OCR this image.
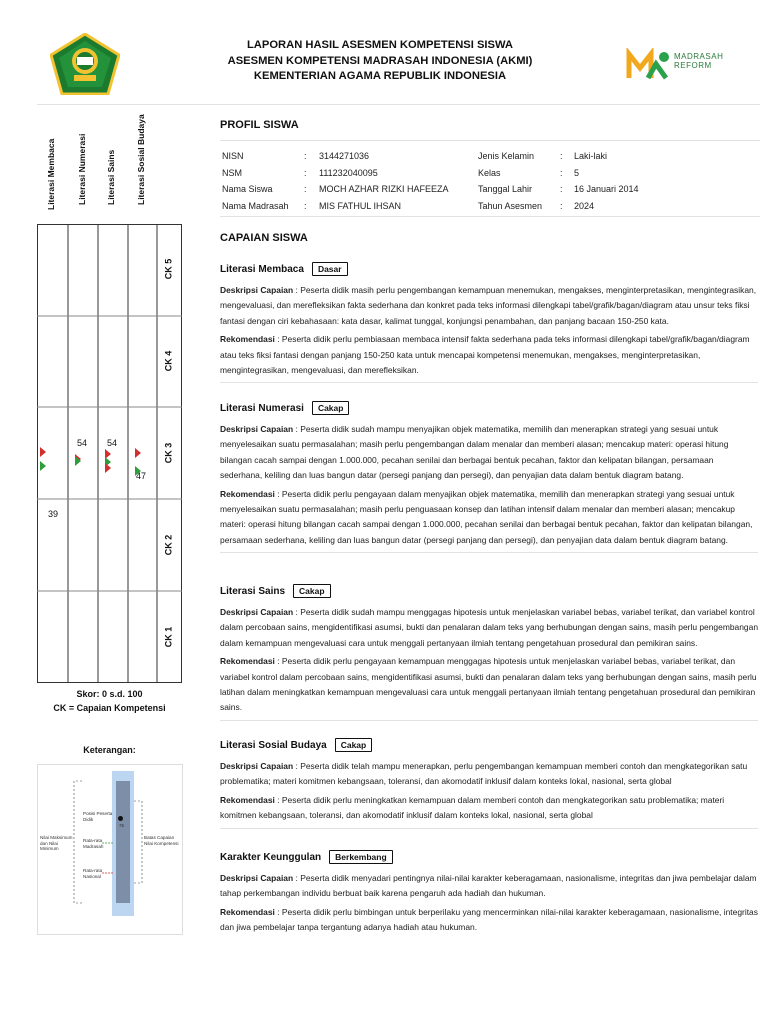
LAPORAN HASIL ASESMEN KOMPETENSI SISWA
ASESMEN KOMPETENSI MADRASAH INDONESIA (AKMI)
KEMENTERIAN AGAMA REPUBLIK INDONESIA
MADRASAH
REFORM
PROFIL SISWA
NISN	: 3144271036
NSM	: 111232040095
Nama Siswa	: MOCH AZHAR RIZKI HAFEEZA
Nama Madrasah : MIS FATHUL IHSAN
Jenis Kelamin	: Laki-laki
Kelas	: 5
Tanggal Lahir	: 16 Januari 2014
Tahun Asesmen : 2024
CAPAIAN SISWA
Literasi Membaca	Dasar

Deskripsi Capaian : Peserta didik masih perlu pengembangan kemampuan menemukan, mengakses, menginterpretasikan, mengintegrasikan, mengevaluasi, dan merefleksikan fakta sederhana dan konkret pada teks informasi dilengkapi tabel/grafik/bagan/diagram atau unsur teks fiksi fantasi dengan ciri kebahasaan: kata dasar, kalimat tunggal, konjungsi penambahan, dan panjang bacaan 150-250 kata.

Rekomendasi : Peserta didik perlu pembiasaan membaca intensif fakta sederhana pada teks informasi dilengkapi tabel/grafik/bagan/diagram atau teks fiksi fantasi dengan panjang 150-250 kata untuk mencapai kompetensi menemukan, mengakses, menginterpretasikan, mengintegrasikan, mengevaluasi, dan merefleksikan.

Literasi Numerasi	Cakap

Deskripsi Capaian : Peserta didik sudah mampu menyajikan objek matematika, memilih dan menerapkan strategi yang sesuai untuk menyelesaikan suatu permasalahan; masih perlu pengembangan dalam menalar dan memberi alasan; mencakup materi: operasi hitung bilangan cacah sampai dengan 1.000.000, pecahan senilai dan berbagai bentuk pecahan, faktor dan kelipatan bilangan, persamaan sederhana, keliling dan luas bangun datar (persegi panjang dan persegi), dan penyajian data dalam bentuk diagram batang.

Rekomendasi : Peserta didik perlu pengayaan dalam menyajikan objek matematika, memilih dan menerapkan strategi yang sesuai untuk menyelesaikan suatu permasalahan; masih perlu penguasaan konsep dan latihan intensif dalam menalar dan memberi alasan; mencakup materi: operasi hitung bilangan cacah sampai dengan 1.000.000, pecahan senilai dan berbagai bentuk pecahan, faktor dan kelipatan bilangan, persamaan sederhana, keliling dan luas bangun datar (persegi panjang dan persegi), dan penyajian data dalam bentuk diagram batang.

Literasi Sains	Cakap

Deskripsi Capaian : Peserta didik sudah mampu menggagas hipotesis untuk menjelaskan variabel bebas, variabel terikat, dan variabel kontrol dalam percobaan sains, mengidentifikasi asumsi, bukti dan penalaran dalam teks yang berhubungan dengan sains, masih perlu pengembangan dalam kemampuan mengevaluasi cara untuk menggali pertanyaan ilmiah tentang pengetahuan prosedural dan pemikiran sains.

Rekomendasi : Peserta didik perlu pengayaan kemampuan menggagas hipotesis untuk menjelaskan variabel bebas, variabel terikat, dan variabel kontrol dalam percobaan sains, mengidentifikasi asumsi, bukti dan penalaran dalam teks yang berhubungan dengan sains, masih perlu latihan dalam meningkatkan kemampuan mengevaluasi cara untuk menggali pertanyaan ilmiah tentang pengetahuan prosedural dan pemikiran sains.

Literasi Sosial Budaya	Cakap

Deskripsi Capaian : Peserta didik telah mampu menerapkan, perlu pengembangan kemampuan memberi contoh dan mengkategorikan satu problematika; materi komitmen kebangsaan, toleransi, dan akomodatif inklusif dalam konteks lokal, nasional, serta global

Rekomendasi : Peserta didik perlu meningkatkan kemampuan dalam memberi contoh dan mengkategorikan satu problematika; materi komitmen kebangsaan, toleransi, dan akomodatif inklusif dalam konteks lokal, nasional, serta global

Karakter Keunggulan	Berkembang

Deskripsi Capaian : Peserta didik menyadari pentingnya nilai-nilai karakter keberagamaan, nasionalisme, integritas dan jiwa pembelajar dalam tahap perkembangan individu berbuat baik karena pengaruh ada hadiah dan hukuman.

Rekomendasi : Peserta didik perlu bimbingan untuk berperilaku yang mencerminkan nilai-nilai karakter keberagamaan, nasionalisme, integritas dan jiwa pembelajar tanpa tergantung adanya hadiah atau hukuman.

Literasi Membaca Literasi Numerasi Literasi Sains Literasi Sosial Budaya
CK 5
CK 4
CK 3
CK 2
CK 1
39
54 54
47
Skor: 0 s.d. 100
CK = Capaian Kompetensi
Keterangan:
75
Posisi Peserta Didik
Rata-rata Madrasah
Rata-rata Nasional
Nilai Maksimum dan Nilai Minimum
Batas Capaian Nilai Kompetensi
